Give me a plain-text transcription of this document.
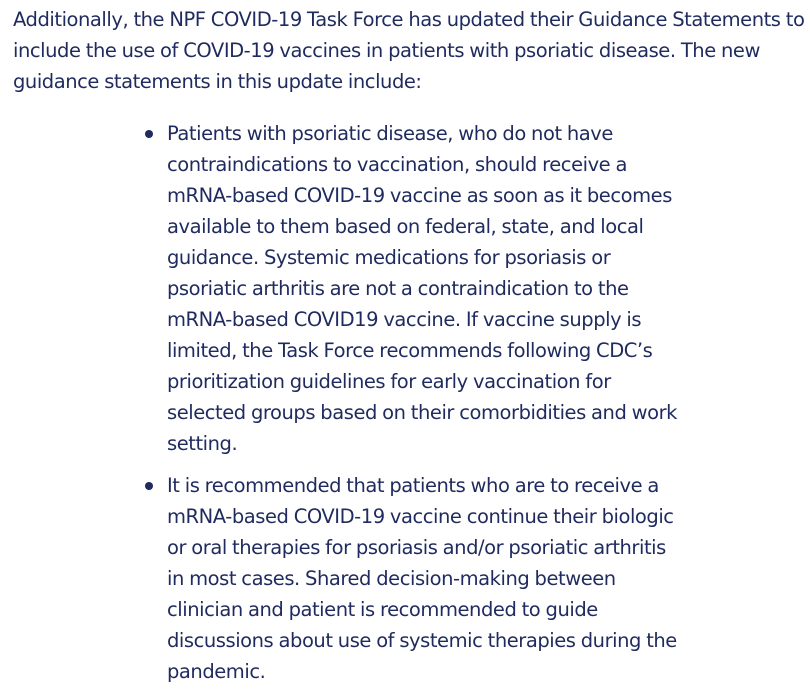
Additionally, the NPF COVID-19 Task Force has updated their Guidance Statements to include the use of COVID-19 vaccines in patients with psoriatic disease. The new guidance statements in this update include:

Patients with psoriatic disease, who do not have contraindications to vaccination, should receive a mRNA-based COVID-19 vaccine as soon as it becomes available to them based on federal, state, and local guidance. Systemic medications for psoriasis or psoriatic arthritis are not a contraindication to the mRNA-based COVID19 vaccine. If vaccine supply is limited, the Task Force recommends following CDC’s prioritization guidelines for early vaccination for selected groups based on their comorbidities and work setting.
It is recommended that patients who are to receive a mRNA-based COVID-19 vaccine continue their biologic or oral therapies for psoriasis and/or psoriatic arthritis in most cases. Shared decision-making between clinician and patient is recommended to guide discussions about use of systemic therapies during the pandemic.
